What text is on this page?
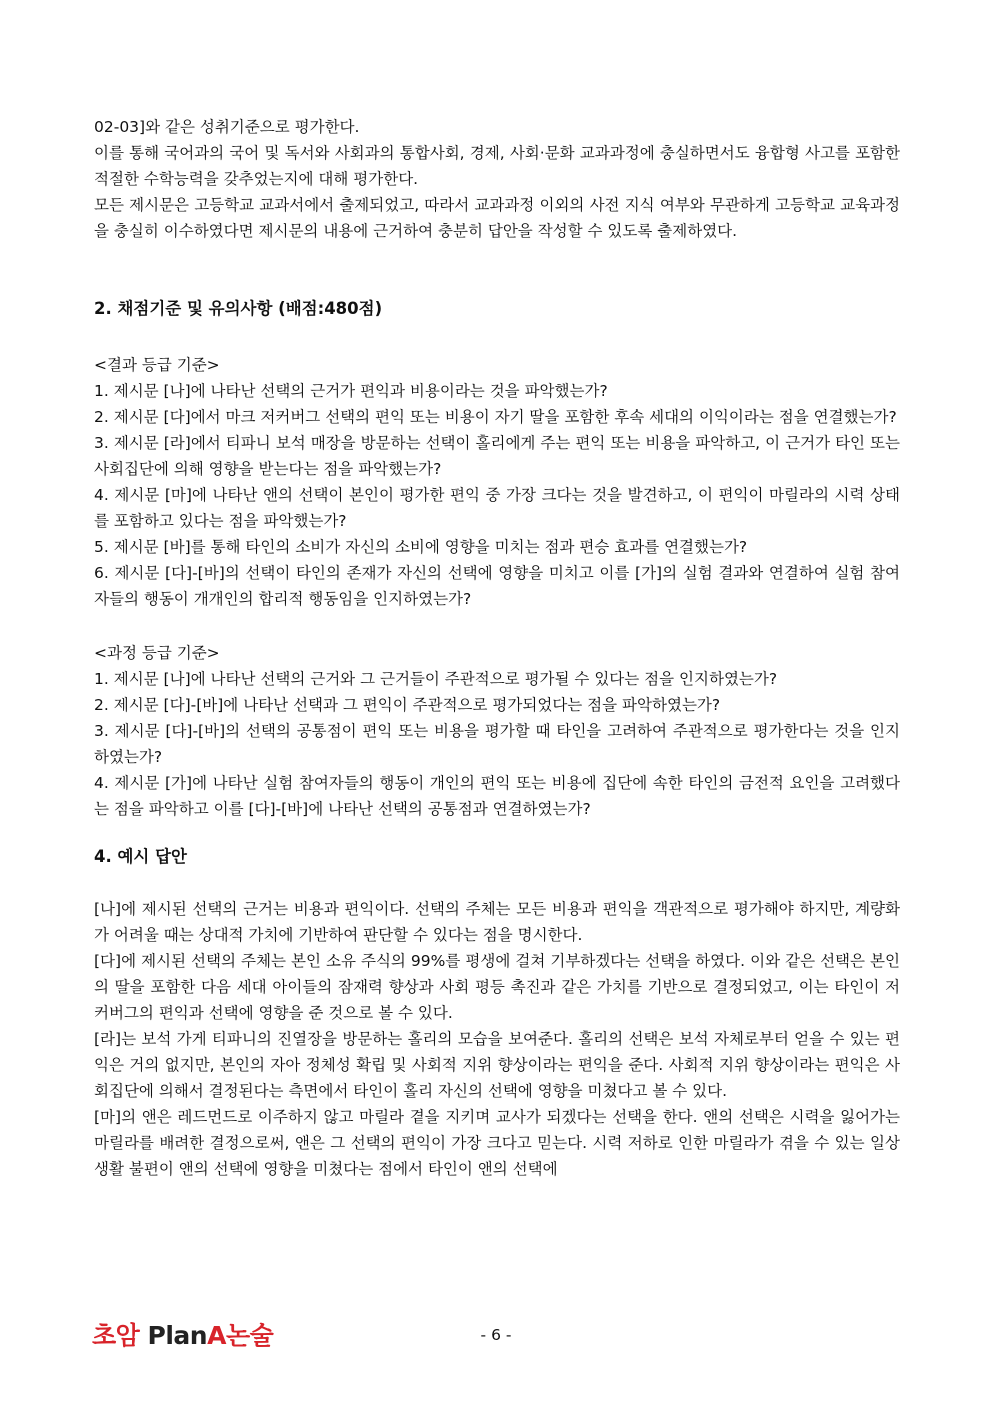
02-03]와 같은 성취기준으로 평가한다.

이를 통해 국어과의 국어 및 독서와 사회과의 통합사회, 경제, 사회·문화 교과과정에 충실하면서도 융합형 사고를 포함한 적절한 수학능력을 갖추었는지에 대해 평가한다.

모든 제시문은 고등학교 교과서에서 출제되었고, 따라서 교과과정 이외의 사전 지식 여부와 무관하게 고등학교 교육과정을 충실히 이수하였다면 제시문의 내용에 근거하여 충분히 답안을 작성할 수 있도록 출제하였다.

2. 채점기준 및 유의사항 (배점:480점)

<결과 등급 기준>

1. 제시문 [나]에 나타난 선택의 근거가 편익과 비용이라는 것을 파악했는가?

2. 제시문 [다]에서 마크 저커버그 선택의 편익 또는 비용이 자기 딸을 포함한 후속 세대의 이익이라는 점을 연결했는가?

3. 제시문 [라]에서 티파니 보석 매장을 방문하는 선택이 홀리에게 주는 편익 또는 비용을 파악하고, 이 근거가 타인 또는 사회집단에 의해 영향을 받는다는 점을 파악했는가?

4. 제시문 [마]에 나타난 앤의 선택이 본인이 평가한 편익 중 가장 크다는 것을 발견하고, 이 편익이 마릴라의 시력 상태를 포함하고 있다는 점을 파악했는가?

5. 제시문 [바]를 통해 타인의 소비가 자신의 소비에 영향을 미치는 점과 편승 효과를 연결했는가?

6. 제시문 [다]-[바]의 선택이 타인의 존재가 자신의 선택에 영향을 미치고 이를 [가]의 실험 결과와 연결하여 실험 참여자들의 행동이 개개인의 합리적 행동임을 인지하였는가?

<과정 등급 기준>

1. 제시문 [나]에 나타난 선택의 근거와 그 근거들이 주관적으로 평가될 수 있다는 점을 인지하였는가?

2. 제시문 [다]-[바]에 나타난 선택과 그 편익이 주관적으로 평가되었다는 점을 파악하였는가?

3. 제시문 [다]-[바]의 선택의 공통점이 편익 또는 비용을 평가할 때 타인을 고려하여 주관적으로 평가한다는 것을 인지하였는가?

4. 제시문 [가]에 나타난 실험 참여자들의 행동이 개인의 편익 또는 비용에 집단에 속한 타인의 금전적 요인을 고려했다는 점을 파악하고 이를 [다]-[바]에 나타난 선택의 공통점과 연결하였는가?

4. 예시 답안

[나]에 제시된 선택의 근거는 비용과 편익이다. 선택의 주체는 모든 비용과 편익을 객관적으로 평가해야 하지만, 계량화가 어려울 때는 상대적 가치에 기반하여 판단할 수 있다는 점을 명시한다.

[다]에 제시된 선택의 주체는 본인 소유 주식의 99%를 평생에 걸쳐 기부하겠다는 선택을 하였다. 이와 같은 선택은 본인의 딸을 포함한 다음 세대 아이들의 잠재력 향상과 사회 평등 촉진과 같은 가치를 기반으로 결정되었고, 이는 타인이 저커버그의 편익과 선택에 영향을 준 것으로 볼 수 있다.

[라]는 보석 가게 티파니의 진열장을 방문하는 홀리의 모습을 보여준다. 홀리의 선택은 보석 자체로부터 얻을 수 있는 편익은 거의 없지만, 본인의 자아 정체성 확립 및 사회적 지위 향상이라는 편익을 준다. 사회적 지위 향상이라는 편익은 사회집단에 의해서 결정된다는 측면에서 타인이 홀리 자신의 선택에 영향을 미쳤다고 볼 수 있다.

[마]의 앤은 레드먼드로 이주하지 않고 마릴라 곁을 지키며 교사가 되겠다는 선택을 한다. 앤의 선택은 시력을 잃어가는 마릴라를 배려한 결정으로써, 앤은 그 선택의 편익이 가장 크다고 믿는다. 시력 저하로 인한 마릴라가 겪을 수 있는 일상생활 불편이 앤의 선택에 영향을 미쳤다는 점에서 타인이 앤의 선택에

초암 PlanA논술	- 6 -
